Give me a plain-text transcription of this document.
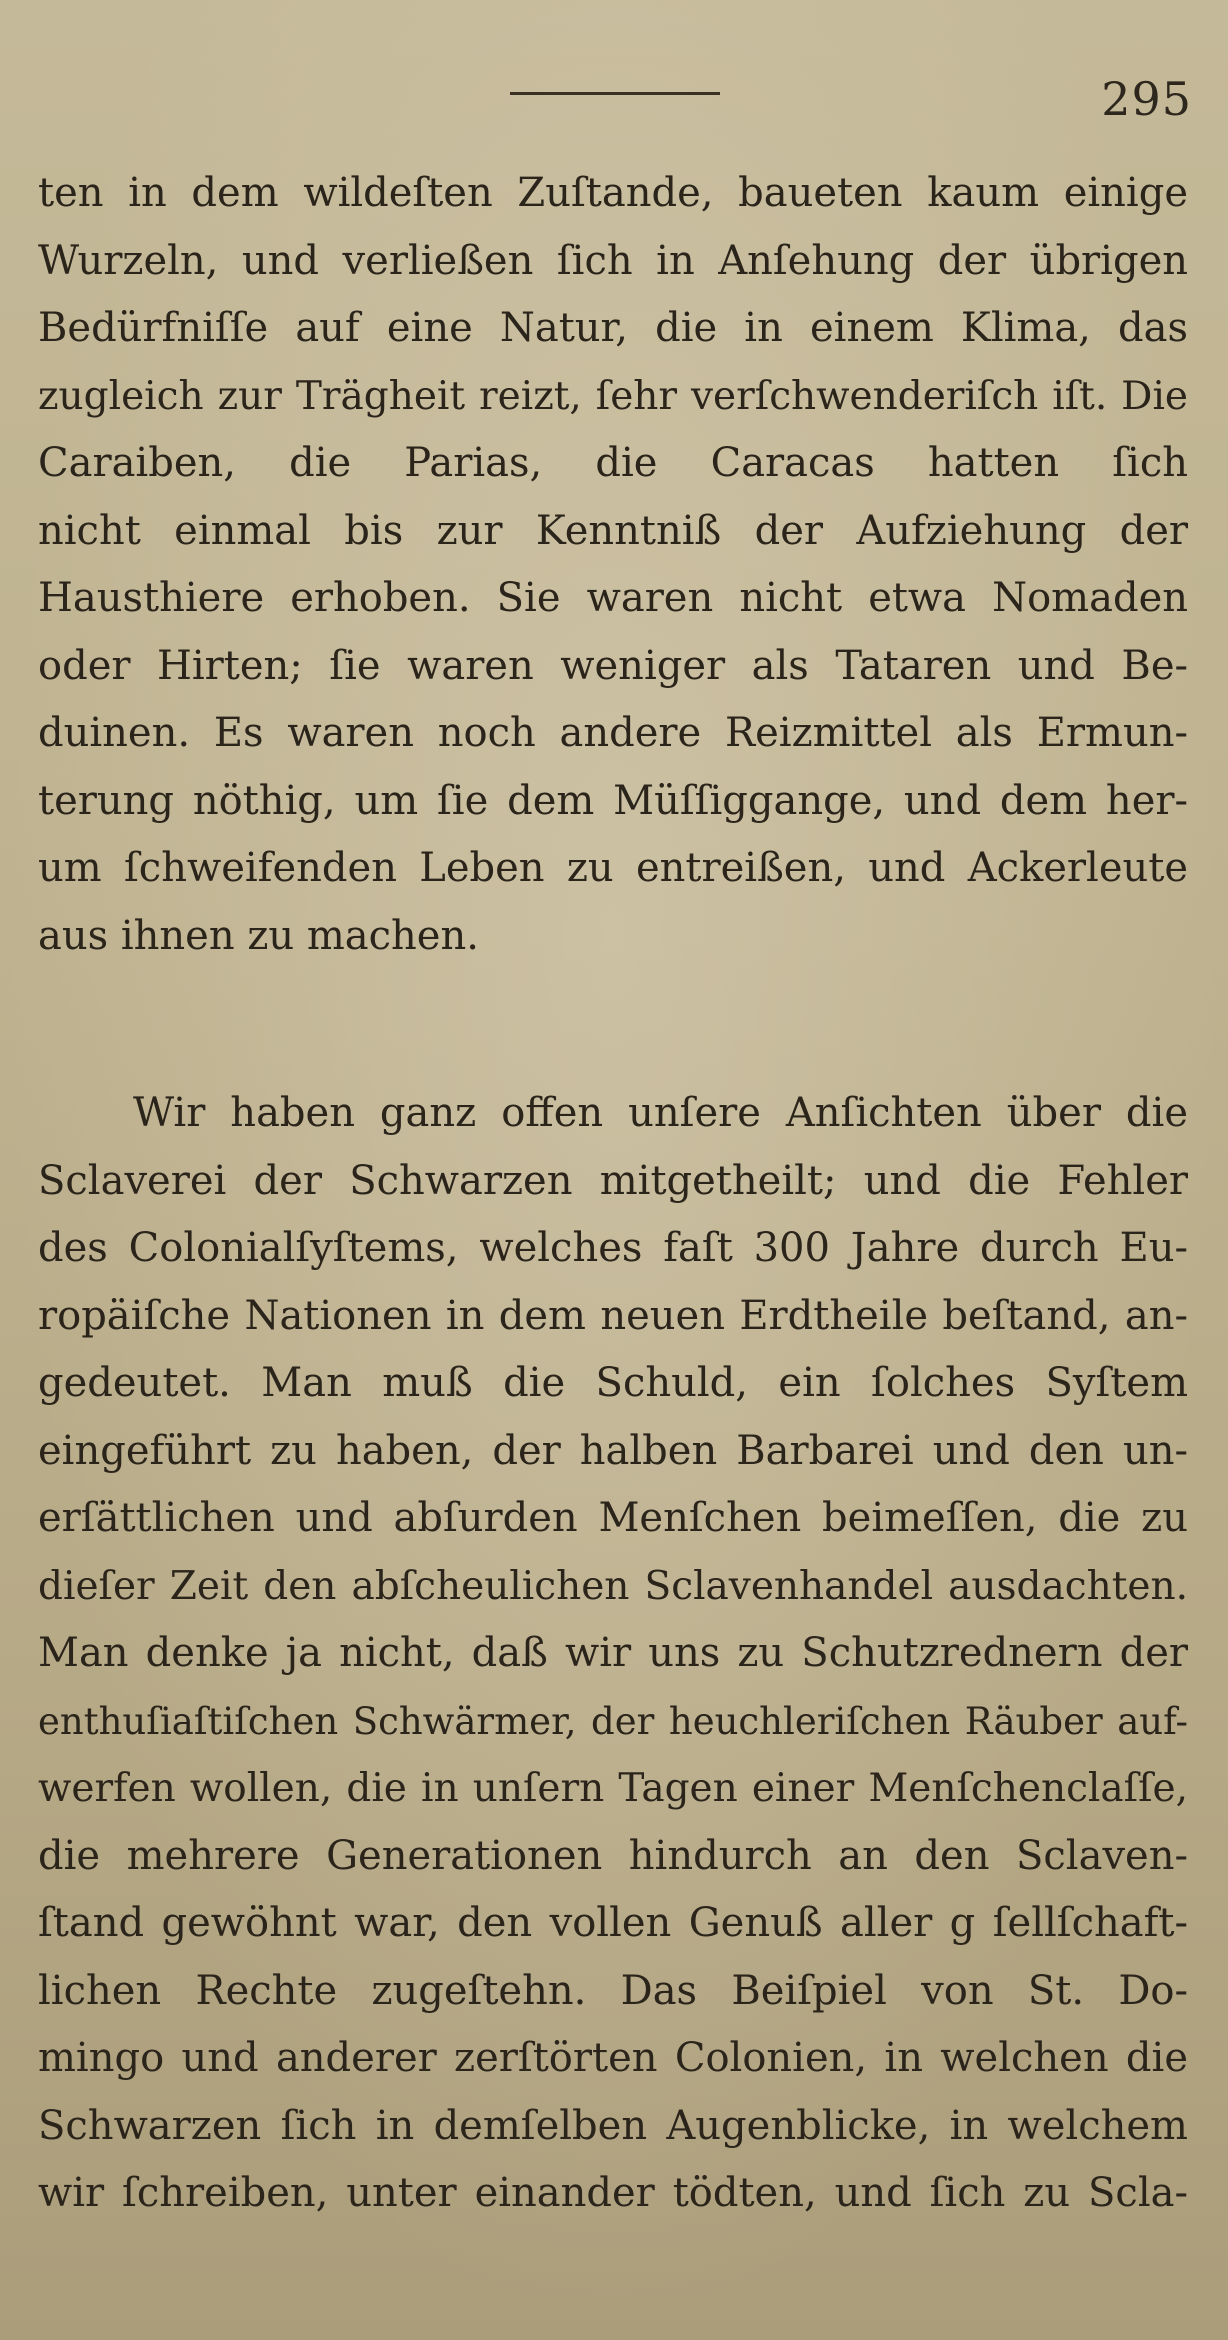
295
ten in dem wildeſten Zuſtande, baueten kaum einige
Wurzeln, und verließen ſich in Anſehung der übrigen
Bedürfniſſe auf eine Natur, die in einem Klima, das
zugleich zur Trägheit reizt, ſehr verſchwenderiſch iſt. Die
Caraiben, die Parias, die Caracas hatten ſich
nicht einmal bis zur Kenntniß der Aufziehung der
Hausthiere erhoben. Sie waren nicht etwa Nomaden
oder Hirten; ſie waren weniger als Tataren und Be-
duinen. Es waren noch andere Reizmittel als Ermun-
terung nöthig, um ſie dem Müſſiggange, und dem her-
um ſchweifenden Leben zu entreißen, und Ackerleute
aus ihnen zu machen.
Wir haben ganz offen unſere Anſichten über die
Sclaverei der Schwarzen mitgetheilt; und die Fehler
des Colonialſyſtems, welches faſt 300 Jahre durch Eu-
ropäiſche Nationen in dem neuen Erdtheile beſtand, an-
gedeutet. Man muß die Schuld, ein ſolches Syſtem
eingeführt zu haben, der halben Barbarei und den un-
erſättlichen und abſurden Menſchen beimeſſen, die zu
dieſer Zeit den abſcheulichen Sclavenhandel ausdachten.
Man denke ja nicht, daß wir uns zu Schutzrednern der
enthuſiaſtiſchen Schwärmer, der heuchleriſchen Räuber auf-
werfen wollen, die in unſern Tagen einer Menſchenclaſſe,
die mehrere Generationen hindurch an den Sclaven-
ſtand gewöhnt war, den vollen Genuß aller g ſellſchaft-
lichen Rechte zugeſtehn. Das Beiſpiel von St. Do-
mingo und anderer zerſtörten Colonien, in welchen die
Schwarzen ſich in demſelben Augenblicke, in welchem
wir ſchreiben, unter einander tödten, und ſich zu Scla-
